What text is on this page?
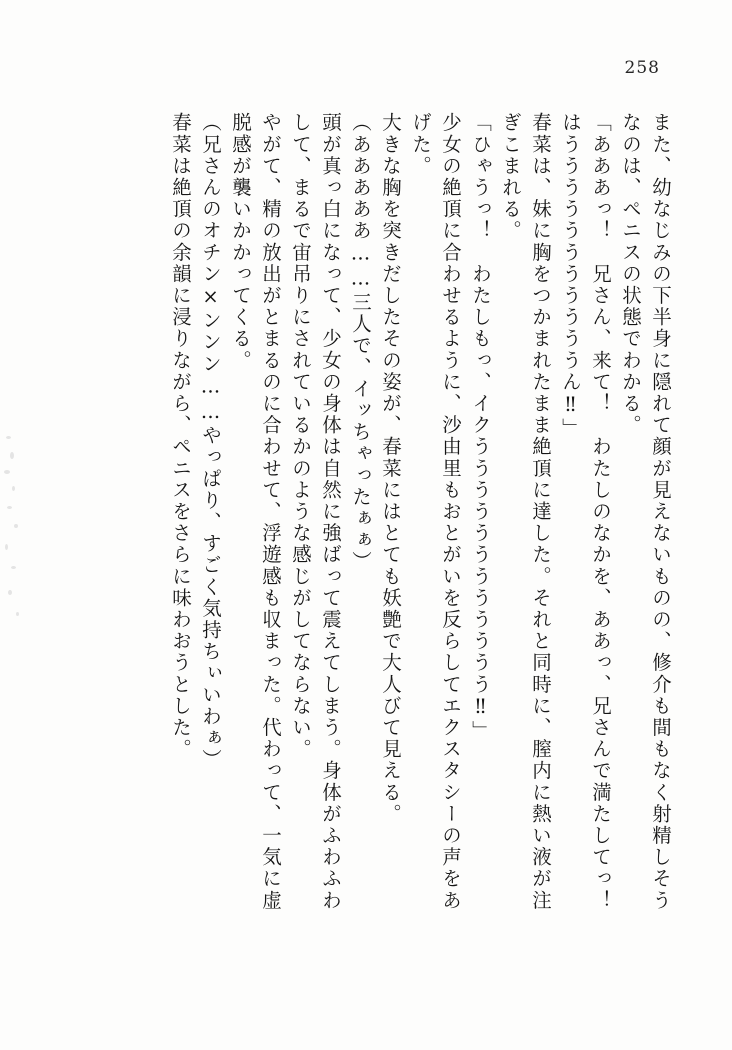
258
また、幼なじみの下半身に隠れて顔が見えないものの、修介も間もなく射精しそう
なのは、ペニスの状態でわかる。
「あああっ！　兄さん、来て！　わたしのなかを、ああっ、兄さんで満たしてっ！
はうううううううううううん‼」
春菜は、妹に胸をつかまれたまま絶頂に達した。それと同時に、膣内に熱い液が注
ぎこまれる。
「ひゃうっ！　わたしもっ、イクうううううううううううう‼」
少女の絶頂に合わせるように、沙由里もおとがいを反らしてエクスタシーの声をあ
げた。
大きな胸を突きだしたその姿が、春菜にはとても妖艶で大人びて見える。
（あああああ……三人で、イッちゃったぁぁ）
頭が真っ白になって、少女の身体は自然に強ばって震えてしまう。身体がふわふわ
して、まるで宙吊りにされているかのような感じがしてならない。
やがて、精の放出がとまるのに合わせて、浮遊感も収まった。代わって、一気に虚
脱感が襲いかかってくる。
（兄さんのオチン×ンンン……やっぱり、すごく気持ちぃいわぁ）
春菜は絶頂の余韻に浸りながら、ペニスをさらに味わおうとした。
